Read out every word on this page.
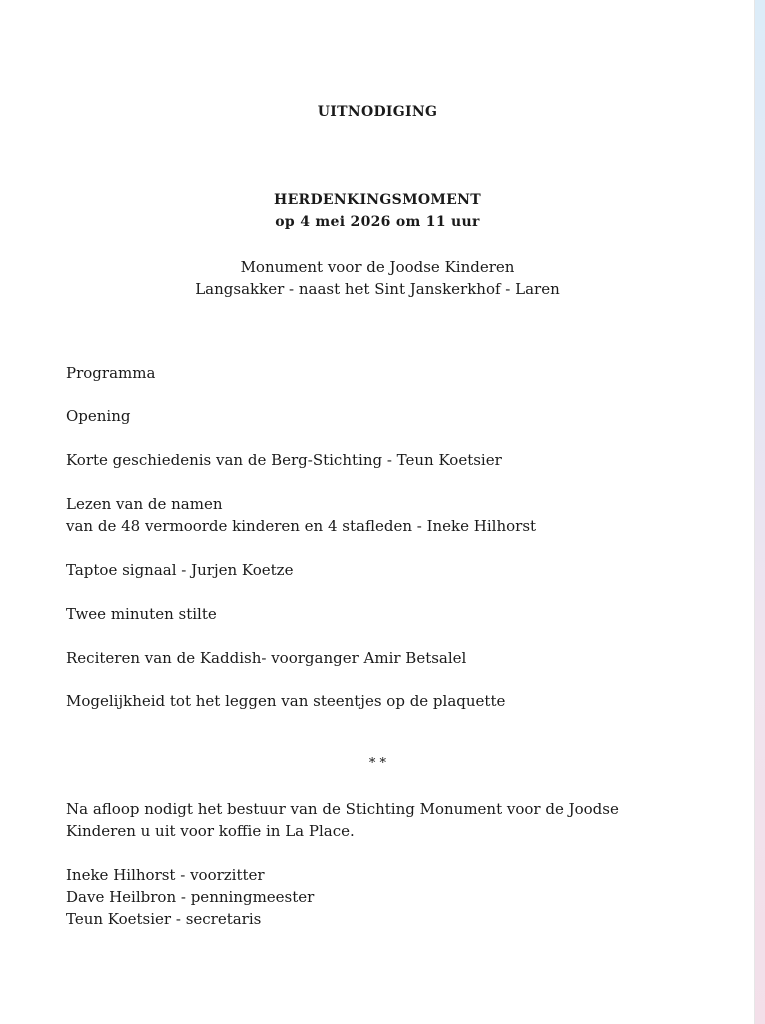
UITNODIGING
HERDENKINGSMOMENT
op 4 mei 2026 om 11 uur
Monument voor de Joodse Kinderen
Langsakker - naast het Sint Janskerkhof - Laren
Programma
Opening
Korte geschiedenis van de Berg-Stichting - Teun Koetsier
Lezen van de namen
van de 48 vermoorde kinderen en 4 stafleden - Ineke Hilhorst
Taptoe signaal - Jurjen Koetze
Twee minuten stilte
Reciteren van de Kaddish- voorganger Amir Betsalel
Mogelijkheid tot het leggen van steentjes op de plaquette
* *
Na afloop nodigt het bestuur van de Stichting Monument voor de Joodse
Kinderen u uit voor koffie in La Place.
Ineke Hilhorst - voorzitter
Dave Heilbron - penningmeester
Teun Koetsier - secretaris
